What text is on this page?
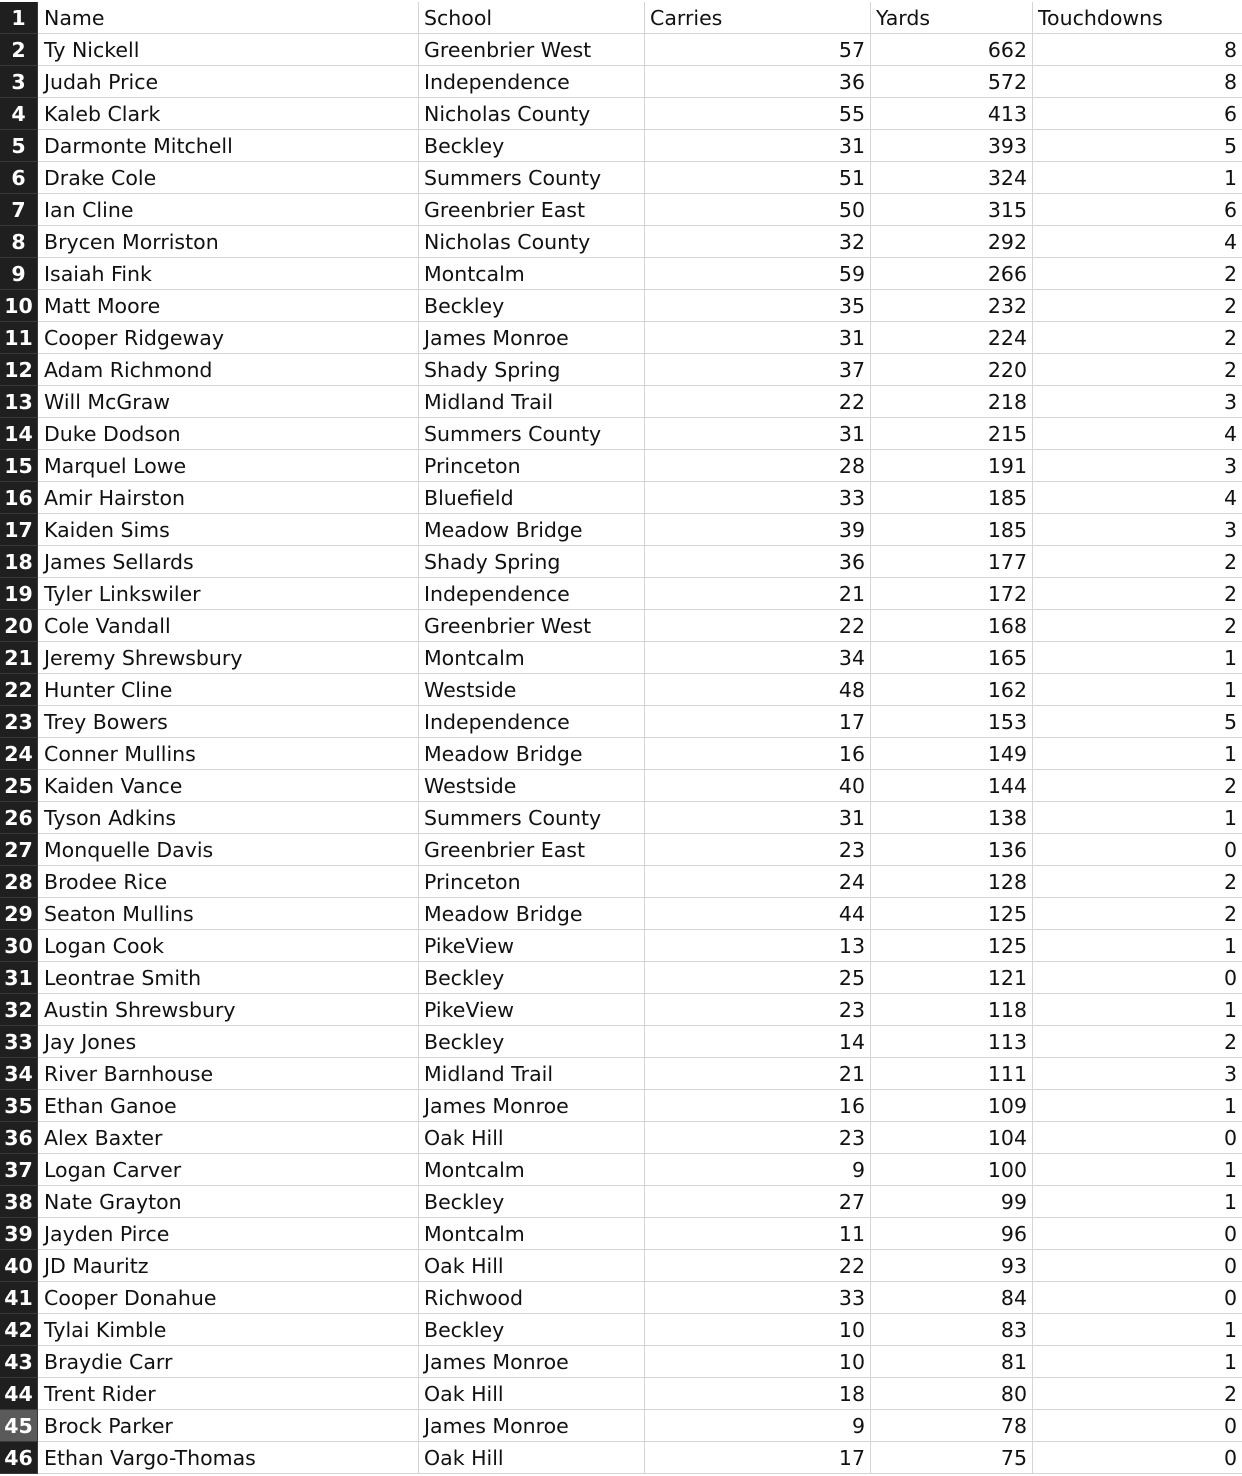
1 Name	School	Carries	Yards	Touchdowns
2 Ty Nickell	Greenbrier West	57	662	8
3 Judah Price	Independence	36	572	8
4 Kaleb Clark	Nicholas County	55	413	6
5 Darmonte Mitchell	Beckley	31	393	5
6 Drake Cole	Summers County	51	324	1
7 Ian Cline	Greenbrier East	50	315	6
8 Brycen Morriston	Nicholas County	32	292	4
9 Isaiah Fink	Montcalm	59	266	2
10 Matt Moore	Beckley	35	232	2
11 Cooper Ridgeway	James Monroe	31	224	2
12 Adam Richmond	Shady Spring	37	220	2
13 Will McGraw	Midland Trail	22	218	3
14 Duke Dodson	Summers County	31	215	4
15 Marquel Lowe	Princeton	28	191	3
16 Amir Hairston	Bluefield	33	185	4
17 Kaiden Sims	Meadow Bridge	39	185	3
18 James Sellards	Shady Spring	36	177	2
19 Tyler Linkswiler	Independence	21	172	2
20 Cole Vandall	Greenbrier West	22	168	2
21 Jeremy Shrewsbury	Montcalm	34	165	1
22 Hunter Cline	Westside	48	162	1
23 Trey Bowers	Independence	17	153	5
24 Conner Mullins	Meadow Bridge	16	149	1
25 Kaiden Vance	Westside	40	144	2
26 Tyson Adkins	Summers County	31	138	1
27 Monquelle Davis	Greenbrier East	23	136	0
28 Brodee Rice	Princeton	24	128	2
29 Seaton Mullins	Meadow Bridge	44	125	2
30 Logan Cook	PikeView	13	125	1
31 Leontrae Smith	Beckley	25	121	0
32 Austin Shrewsbury	PikeView	23	118	1
33 Jay Jones	Beckley	14	113	2
34 River Barnhouse	Midland Trail	21	111	3
35 Ethan Ganoe	James Monroe	16	109	1
36 Alex Baxter	Oak Hill	23	104	0
37 Logan Carver	Montcalm	9	100	1
38 Nate Grayton	Beckley	27	99	1
39 Jayden Pirce	Montcalm	11	96	0
40 JD Mauritz	Oak Hill	22	93	0
41 Cooper Donahue	Richwood	33	84	0
42 Tylai Kimble	Beckley	10	83	1
43 Braydie Carr	James Monroe	10	81	1
44 Trent Rider	Oak Hill	18	80	2
45 Brock Parker	James Monroe	9	78	0
46 Ethan Vargo-Thomas	Oak Hill	17	75	0
